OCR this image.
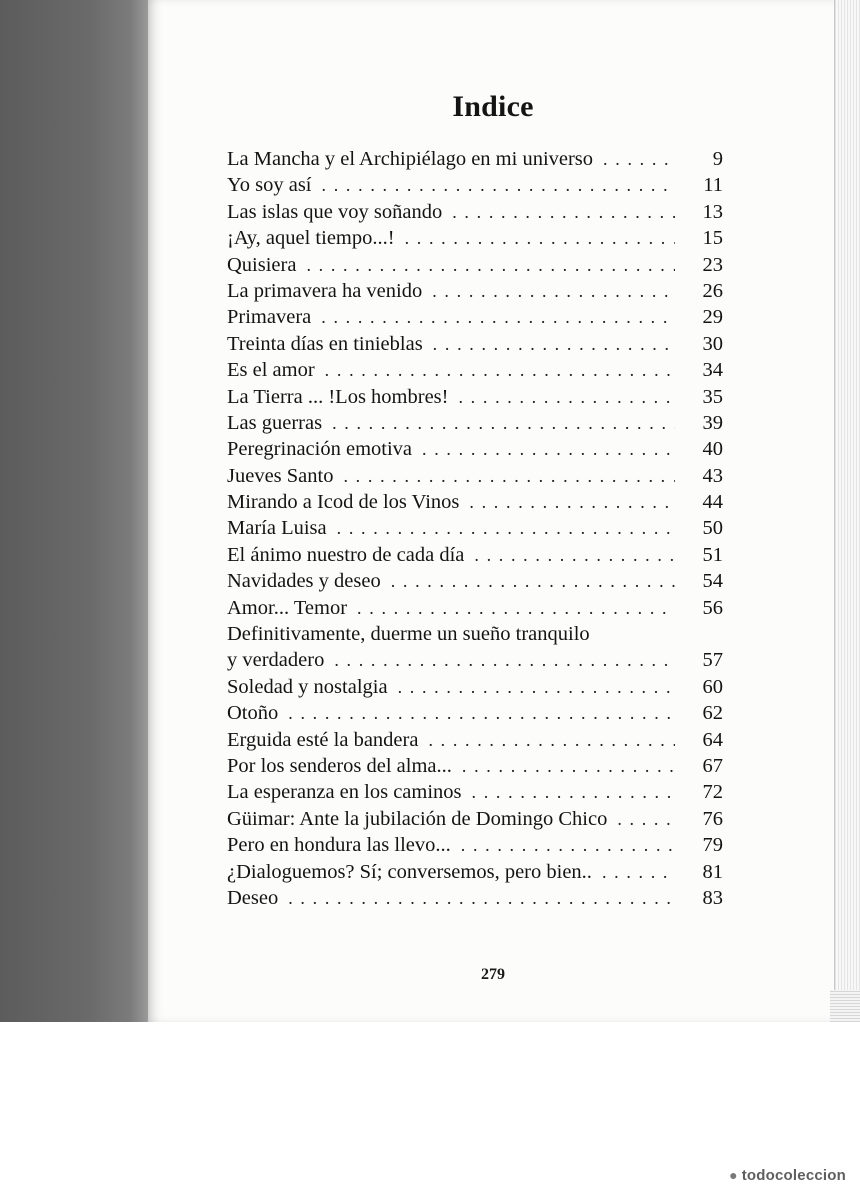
Indice
La Mancha y el Archipiélago en mi universo . . .	9
Yo soy así . . .	11
Las islas que voy soñando . . .	13
¡Ay, aquel tiempo...! . . .	15
Quisiera . . .	23
La primavera ha venido . . .	26
Primavera . . .	29
Treinta días en tinieblas . . .	30
Es el amor . . .	34
La Tierra ... !Los hombres! . . .	35
Las guerras . . .	39
Peregrinación emotiva . . .	40
Jueves Santo . . .	43
Mirando a Icod de los Vinos . . .	44
María Luisa . . .	50
El ánimo nuestro de cada día . . .	51
Navidades y deseo . . .	54
Amor... Temor . . .	56
Definitivamente, duerme un sueño tranquilo
y verdadero . . .	57
Soledad y nostalgia . . .	60
Otoño . . .	62
Erguida esté la bandera . . .	64
Por los senderos del alma... . . .	67
La esperanza en los caminos . . .	72
Güimar: Ante la jubilación de Domingo Chico . . .	76
Pero en hondura las llevo... . . .	79
¿Dialoguemos? Sí; conversemos, pero bien.. . . .	81
Deseo . . .	83
279
● todocoleccion
